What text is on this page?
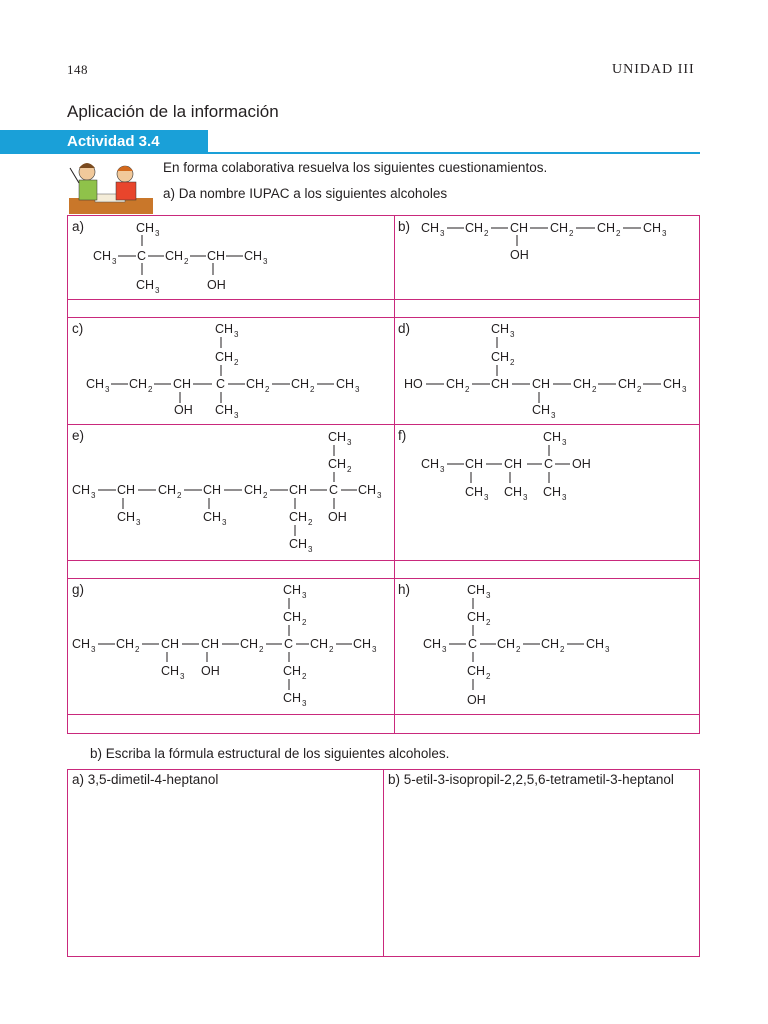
148	UNIDAD III
Aplicación de la información
Actividad 3.4
En forma colaborativa resuelva los siguientes cuestionamientos.
a) Da nombre IUPAC a los siguientes alcoholes
a)	b)
c)	d)
e)	f)
g)	h)
CH 3
CH 3 C CH 2 CH CH 3
CH 3	OH
CH 3 CH 2 CH CH 2 CH 2 CH 3
OH
CH 3
CH 2
CH 3 CH 2 CH C CH 2 CH 2 CH 3
OH CH 3
CH 3
CH 2
HO CH 2 CH CH CH 2 CH 2 CH 3
CH 3
CH 3
CH 2
CH 3 CH CH 2 CH CH 2 CH C CH 3
CH 3	CH 3	CH 2 OH
CH 3
CH 3
CH 3 CH CH C OH
CH 3 CH 3 CH 3
CH 3
CH 2
CH 3 CH 2 CH CH CH 2 C CH 2 CH 3
CH 3 OH	CH 2
CH 3
CH 3
CH 2
CH 3 C CH 2 CH 2 CH 3
CH 2
OH
b) Escriba la fórmula estructural de los siguientes alcoholes.
a) 3,5-dimetil-4-heptanol	b) 5-etil-3-isopropil-2,2,5,6-tetrametil-3-heptanol
